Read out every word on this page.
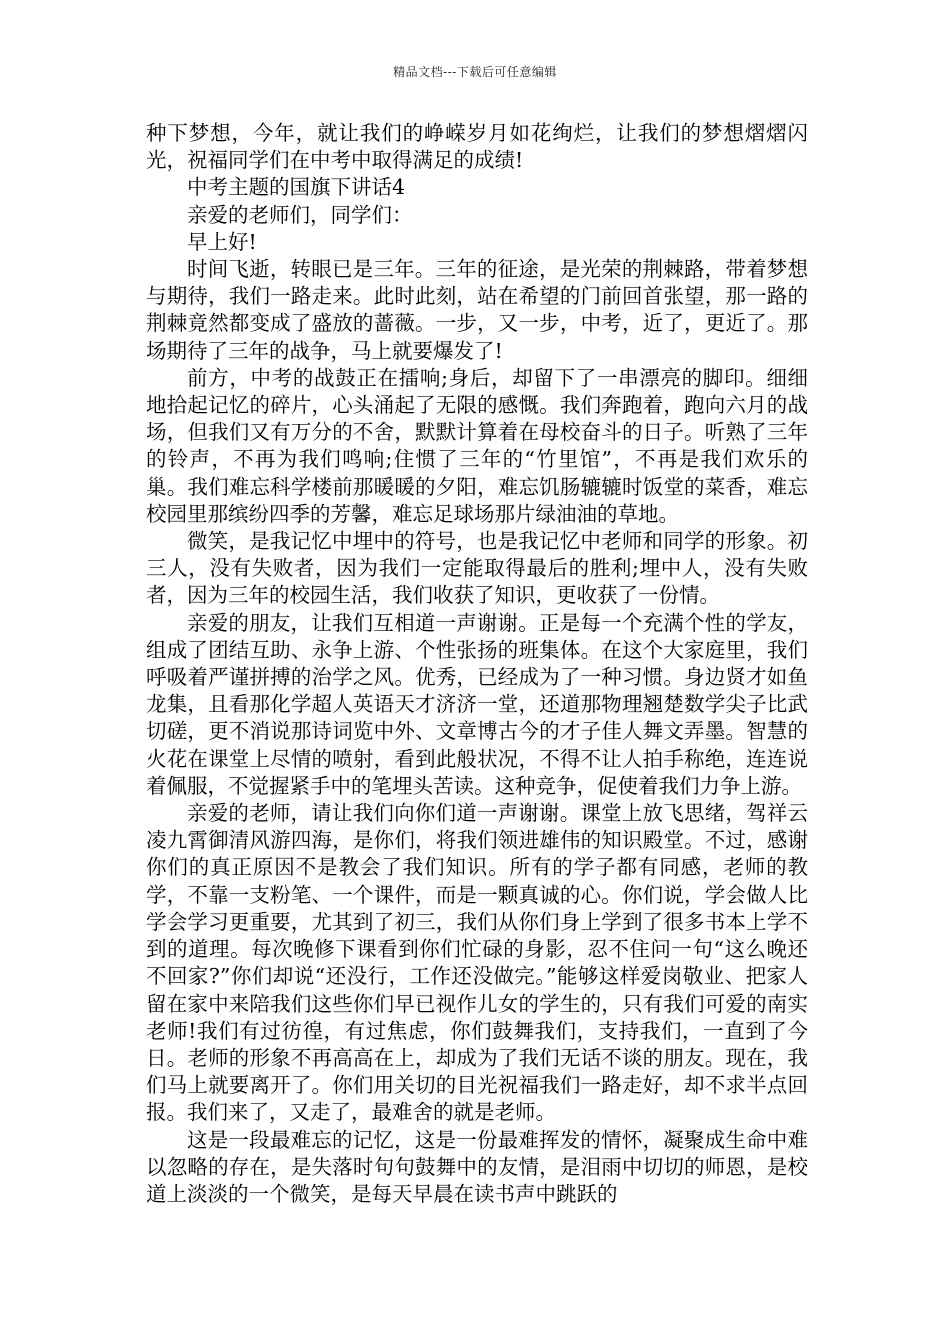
精品文档---下载后可任意编辑

种下梦想，今年，就让我们的峥嵘岁月如花绚烂，让我们的梦想熠熠闪光，祝福同学们在中考中取得满足的成绩!

中考主题的国旗下讲话4

亲爱的老师们，同学们：

早上好!

时间飞逝，转眼已是三年。三年的征途，是光荣的荆棘路，带着梦想与期待，我们一路走来。此时此刻，站在希望的门前回首张望，那一路的荆棘竟然都变成了盛放的蔷薇。一步，又一步，中考，近了，更近了。那场期待了三年的战争，马上就要爆发了!

前方，中考的战鼓正在擂响;身后，却留下了一串漂亮的脚印。细细地拾起记忆的碎片，心头涌起了无限的感慨。我们奔跑着，跑向六月的战场，但我们又有万分的不舍，默默计算着在母校奋斗的日子。听熟了三年的铃声，不再为我们鸣响;住惯了三年的“竹里馆”，不再是我们欢乐的巢。我们难忘科学楼前那暖暖的夕阳，难忘饥肠辘辘时饭堂的菜香，难忘校园里那缤纷四季的芳馨，难忘足球场那片绿油油的草地。

微笑，是我记忆中埋中的符号，也是我记忆中老师和同学的形象。初三人，没有失败者，因为我们一定能取得最后的胜利;埋中人，没有失败者，因为三年的校园生活，我们收获了知识，更收获了一份情。

亲爱的朋友，让我们互相道一声谢谢。正是每一个充满个性的学友，组成了团结互助、永争上游、个性张扬的班集体。在这个大家庭里，我们呼吸着严谨拼搏的治学之风。优秀，已经成为了一种习惯。身边贤才如鱼龙集，且看那化学超人英语天才济济一堂，还道那物理翘楚数学尖子比武切磋，更不消说那诗词览中外、文章博古今的才子佳人舞文弄墨。智慧的火花在课堂上尽情的喷射，看到此般状况，不得不让人拍手称绝，连连说着佩服，不觉握紧手中的笔埋头苦读。这种竞争，促使着我们力争上游。

亲爱的老师，请让我们向你们道一声谢谢。课堂上放飞思绪，驾祥云凌九霄御清风游四海，是你们，将我们领进雄伟的知识殿堂。不过，感谢你们的真正原因不是教会了我们知识。所有的学子都有同感，老师的教学，不靠一支粉笔、一个课件，而是一颗真诚的心。你们说，学会做人比学会学习更重要，尤其到了初三，我们从你们身上学到了很多书本上学不到的道理。每次晚修下课看到你们忙碌的身影，忍不住问一句“这么晚还不回家?”你们却说“还没行，工作还没做完。”能够这样爱岗敬业、把家人留在家中来陪我们这些你们早已视作儿女的学生的，只有我们可爱的南实老师!我们有过彷徨，有过焦虑，你们鼓舞我们，支持我们，一直到了今日。老师的形象不再高高在上，却成为了我们无话不谈的朋友。现在，我们马上就要离开了。你们用关切的目光祝福我们一路走好，却不求半点回报。我们来了，又走了，最难舍的就是老师。

这是一段最难忘的记忆，这是一份最难挥发的情怀，凝聚成生命中难以忽略的存在，是失落时句句鼓舞中的友情，是泪雨中切切的师恩，是校道上淡淡的一个微笑，是每天早晨在读书声中跳跃的
